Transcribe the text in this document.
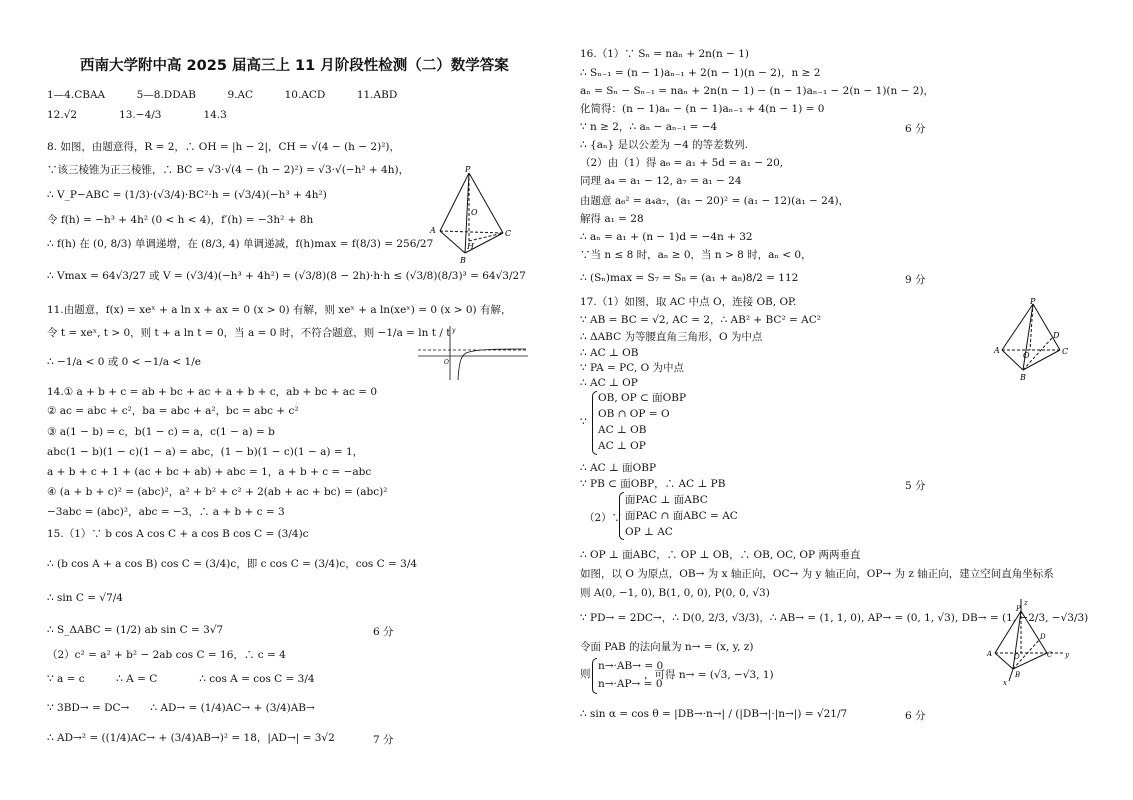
西南大学附中高 2025 届高三上 11 月阶段性检测（二）数学答案
1—4.CBAA　　　5—8.DDAB　　　9.AC　　　10.ACD　　　11.ABD
12.√2　　　　13.−4/3　　　　14.3
8. 如图，由题意得，R = 2，∴ OH = |h − 2|，CH = √(4 − (h − 2)²)，
∵该三棱锥为正三棱锥，∴ BC = √3·√(4 − (h − 2)²) = √3·√(−h² + 4h)，
∴ V_P−ABC = (1/3)·(√3/4)·BC²·h = (√3/4)(−h³ + 4h²)
令 f(h) = −h³ + 4h² (0 < h < 4)，f′(h) = −3h² + 8h
∴ f(h) 在 (0, 8/3) 单调递增，在 (8/3, 4) 单调递减，f(h)max = f(8/3) = 256/27
∴ Vmax = 64√3/27 或 V = (√3/4)(−h³ + 4h²) = (√3/8)(8 − 2h)·h·h ≤ (√3/8)(8/3)³ = 64√3/27
11.由题意，f(x) = xeˣ + a ln x + ax = 0 (x > 0) 有解，则 xeˣ + a ln(xeˣ) = 0 (x > 0) 有解，
令 t = xeˣ, t > 0，则 t + a ln t = 0，当 a = 0 时，不符合题意，则 −1/a = ln t / t
∴ −1/a < 0 或 0 < −1/a < 1/e
14.① a + b + c = ab + bc + ac + a + b + c，ab + bc + ac = 0
② ac = abc + c²，ba = abc + a²，bc = abc + c²
③ a(1 − b) = c，b(1 − c) = a，c(1 − a) = b
abc(1 − b)(1 − c)(1 − a) = abc，(1 − b)(1 − c)(1 − a) = 1，
a + b + c + 1 + (ac + bc + ab) + abc = 1，a + b + c = −abc
④ (a + b + c)² = (abc)²，a² + b² + c² + 2(ab + ac + bc) = (abc)²
−3abc = (abc)²，abc = −3，∴ a + b + c = 3
15.（1）∵ b cos A cos C + a cos B cos C = (3/4)c
∴ (b cos A + a cos B) cos C = (3/4)c，即 c cos C = (3/4)c，cos C = 3/4
∴ sin C = √7/4
∴ S_ΔABC = (1/2) ab sin C = 3√7	6 分
（2）c² = a² + b² − 2ab cos C = 16，∴ c = 4
∵ a = c　　　∴ A = C　　　　∴ cos A = cos C = 3/4
∵ 3BD→ = DC→　　∴ AD→ = (1/4)AC→ + (3/4)AB→
∴ AD→² = ((1/4)AC→ + (3/4)AB→)² = 18，|AD→| = 3√2	7 分
P
A
B
C
O
H
y
O
16.（1）∵ Sₙ = naₙ + 2n(n − 1)
∴ Sₙ₋₁ = (n − 1)aₙ₋₁ + 2(n − 1)(n − 2)，n ≥ 2
aₙ = Sₙ − Sₙ₋₁ = naₙ + 2n(n − 1) − (n − 1)aₙ₋₁ − 2(n − 1)(n − 2)，
化简得：(n − 1)aₙ − (n − 1)aₙ₋₁ + 4(n − 1) = 0
∵ n ≥ 2，∴ aₙ − aₙ₋₁ = −4	6 分
∴ {aₙ} 是以公差为 −4 的等差数列.
（2）由（1）得 a₆ = a₁ + 5d = a₁ − 20,
同理 a₄ = a₁ − 12, a₇ = a₁ − 24
由题意 a₆² = a₄a₇，(a₁ − 20)² = (a₁ − 12)(a₁ − 24)，
解得 a₁ = 28
∴ aₙ = a₁ + (n − 1)d = −4n + 32
∵当 n ≤ 8 时，aₙ ≥ 0，当 n > 8 时，aₙ < 0，
∴ (Sₙ)max = S₇ = S₈ = (a₁ + a₈)8/2 = 112	9 分
17.（1）如图，取 AC 中点 O，连接 OB, OP.
∵ AB = BC = √2, AC = 2，∴ AB² + BC² = AC²
∴ ΔABC 为等腰直角三角形，O 为中点
∴ AC ⊥ OB
∵ PA = PC, O 为中点
∴ AC ⊥ OP
∵
OB, OP ⊂ 面OBP
OB ∩ OP = O
AC ⊥ OB
AC ⊥ OP
∴ AC ⊥ 面OBP
∵ PB ⊂ 面OBP，∴ AC ⊥ PB	5 分
（2）∵
面PAC ⊥ 面ABC
面PAC ∩ 面ABC = AC
OP ⊥ AC
∴ OP ⊥ 面ABC，∴ OP ⊥ OB，∴ OB, OC, OP 两两垂直
如图，以 O 为原点，OB→ 为 x 轴正向，OC→ 为 y 轴正向，OP→ 为 z 轴正向，建立空间直角坐标系
则 A(0, −1, 0), B(1, 0, 0), P(0, 0, √3)
∵ PD→ = 2DC→，∴ D(0, 2/3, √3/3)，∴ AB→ = (1, 1, 0), AP→ = (0, 1, √3), DB→ = (1, −2/3, −√3/3)
令面 PAB 的法向量为 n→ = (x, y, z)
则
n→·AB→ = 0
n→·AP→ = 0
，可得 n→ = (√3, −√3, 1)
∴ sin α = cos θ = |DB→·n→| / (|DB→|·|n→|) = √21/7	6 分
P
A
B
C
D
O
z
P
A
B
C
D
O	y
x
